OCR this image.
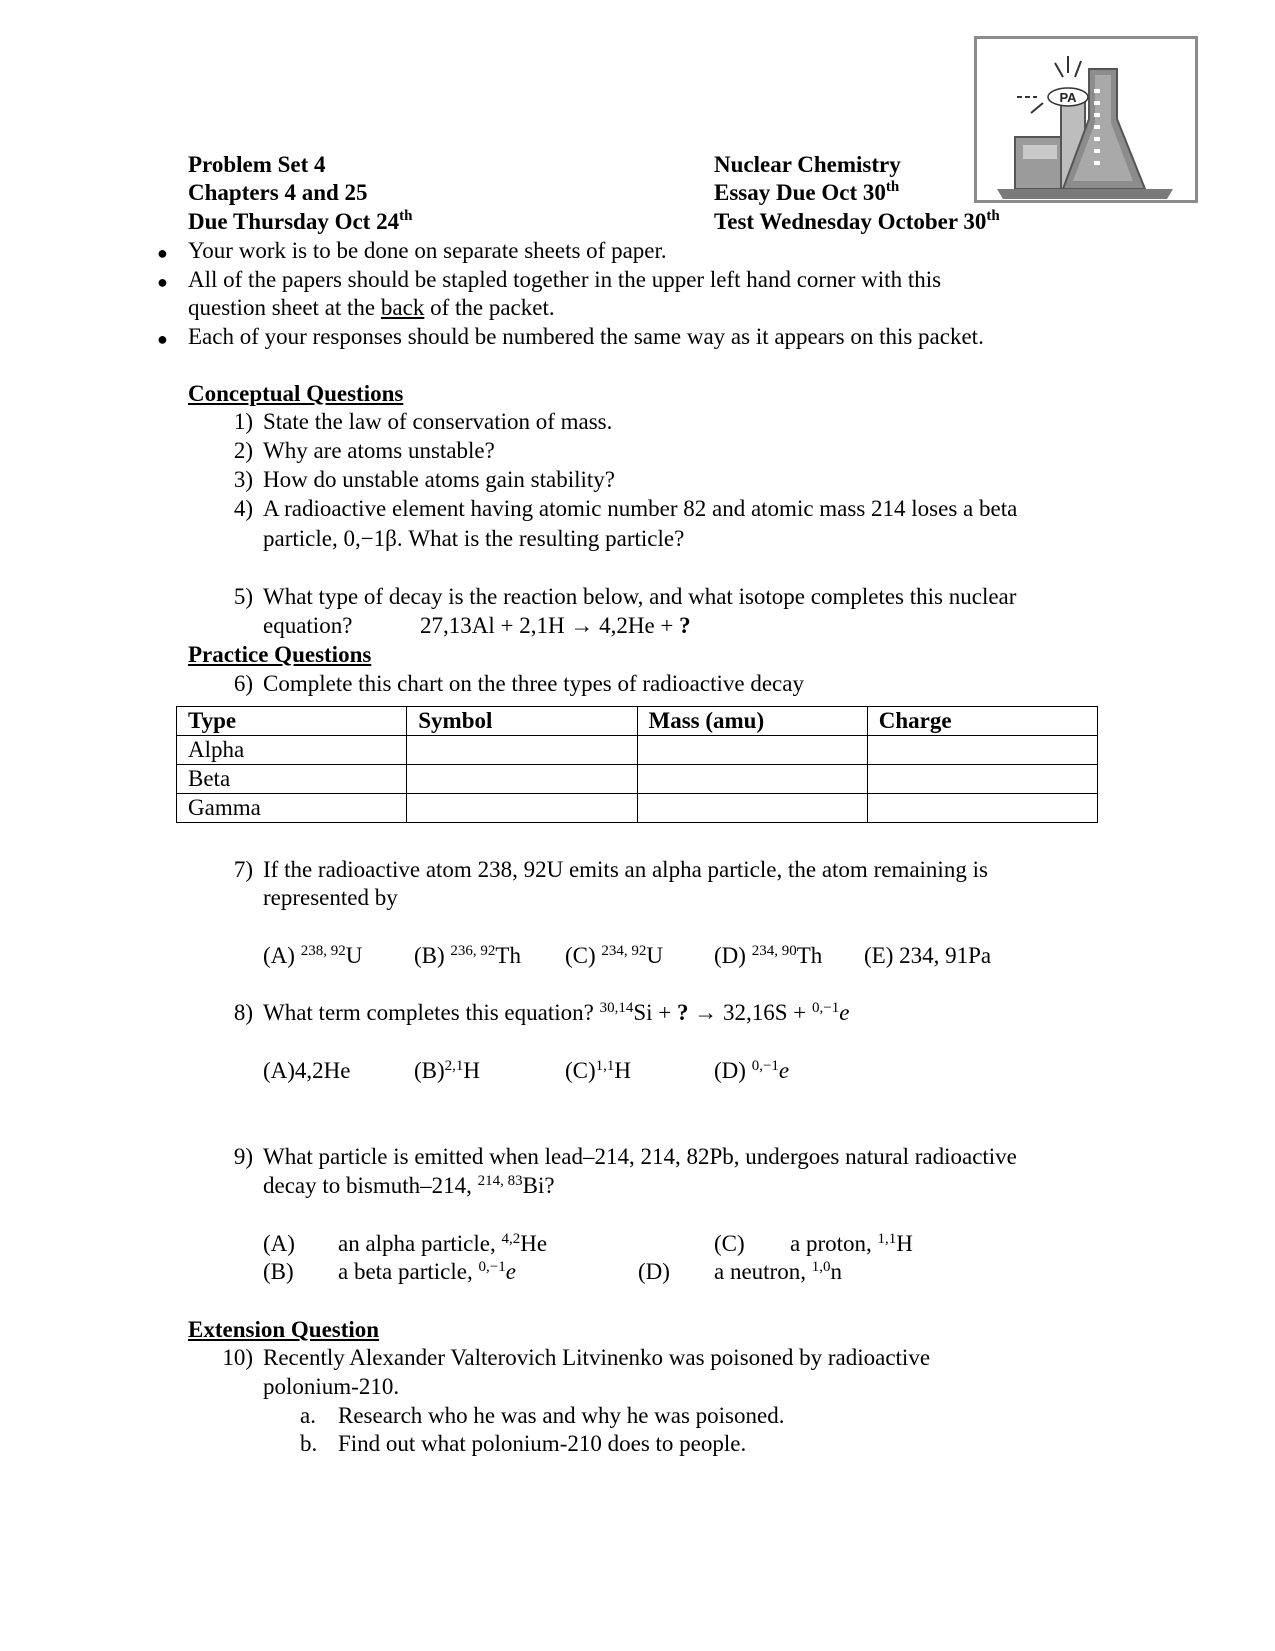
PA
Problem Set 4
Chapters 4 and 25
Due Thursday Oct 24th
Nuclear Chemistry
Essay Due Oct 30th
Test Wednesday October 30th
● Your work is to be done on separate sheets of paper.
● All of the papers should be stapled together in the upper left hand corner with this
question sheet at the back of the packet.
● Each of your responses should be numbered the same way as it appears on this packet.
Conceptual Questions
1) State the law of conservation of mass.
2) Why are atoms unstable?
3) How do unstable atoms gain stability?
4) A radioactive element having atomic number 82 and atomic mass 214 loses a beta
particle, 0,−1β. What is the resulting particle?
5) What type of decay is the reaction below, and what isotope completes this nuclear
equation?	27,13Al + 2,1H → 4,2He + ?
Practice Questions
6) Complete this chart on the three types of radioactive decay
Type	Symbol	Mass (amu)	Charge
Alpha			
Beta			
Gamma			
7) If the radioactive atom 238, 92U emits an alpha particle, the atom remaining is
represented by
(A) $^{238, 92}$U (B) $^{236, 92}$Th (C) $^{234, 92}$U (D) $^{234, 90}$Th (E) 234, 91Pa
8) What term completes this equation? $^{30,14}$Si + ? → 32,16S + $^{0,-1}$e
(A)4,2He	$(B)^{2,1}H$	$(C)^{1,1}H$	(D) $^{0,-1}$e
9) What particle is emitted when lead–214, 214, 82Pb, undergoes natural radioactive
decay to bismuth–214, $^{214, 83}$Bi?
(A) an alpha particle, $^{4,2}$He	(C) a proton, $^{1,1}$H
(B) a beta particle, $^{0,-1}$e	(D) a neutron, $^{1,0}$n
Extension Question
10) Recently Alexander Valterovich Litvinenko was poisoned by radioactive
polonium-210.
a. Research who he was and why he was poisoned.
b. Find out what polonium-210 does to people.
